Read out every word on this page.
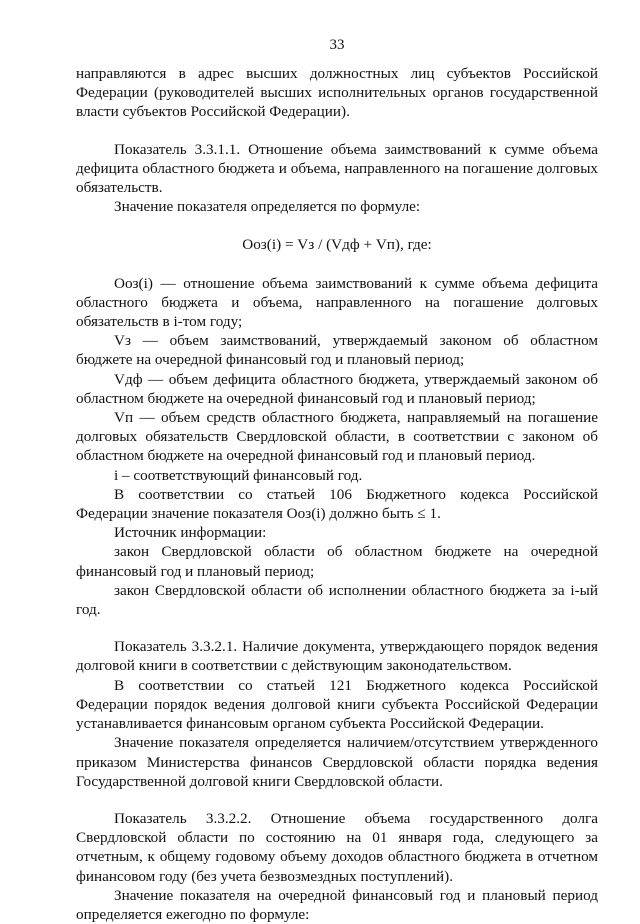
33

направляются в адрес высших должностных лиц субъектов Российской Федерации (руководителей высших исполнительных органов государственной власти субъектов Российской Федерации).

Показатель 3.3.1.1. Отношение объема заимствований к сумме объема дефицита областного бюджета и объема, направленного на погашение долговых обязательств.

Значение показателя определяется по формуле:

Оoз(i) = Vз / (Vдф + Vп), где:

Оoз(i) — отношение объема заимствований к сумме объема дефицита областного бюджета и объема, направленного на погашение долговых обязательств в i-том году;

Vз — объем заимствований, утверждаемый законом об областном бюджете на очередной финансовый год и плановый период;

Vдф — объем дефицита областного бюджета, утверждаемый законом об областном бюджете на очередной финансовый год и плановый период;

Vп — объем средств областного бюджета, направляемый на погашение долговых обязательств Свердловской области, в соответствии с законом об областном бюджете на очередной финансовый год и плановый период.

i – соответствующий финансовый год.

В соответствии со статьей 106 Бюджетного кодекса Российской Федерации значение показателя Оoз(i) должно быть ≤ 1.

Источник информации:

закон Свердловской области об областном бюджете на очередной финансовый год и плановый период;

закон Свердловской области об исполнении областного бюджета за i-ый год.

Показатель 3.3.2.1. Наличие документа, утверждающего порядок ведения долговой книги в соответствии с действующим законодательством.

В соответствии со статьей 121 Бюджетного кодекса Российской Федерации порядок ведения долговой книги субъекта Российской Федерации устанавливается финансовым органом субъекта Российской Федерации.

Значение показателя определяется наличием/отсутствием утвержденного приказом Министерства финансов Свердловской области порядка ведения Государственной долговой книги Свердловской области.

Показатель 3.3.2.2. Отношение объема государственного долга Свердловской области по состоянию на 01 января года, следующего за отчетным, к общему годовому объему доходов областного бюджета в отчетном финансовом году (без учета безвозмездных поступлений).

Значение показателя на очередной финансовый год и плановый период определяется ежегодно по формуле:
